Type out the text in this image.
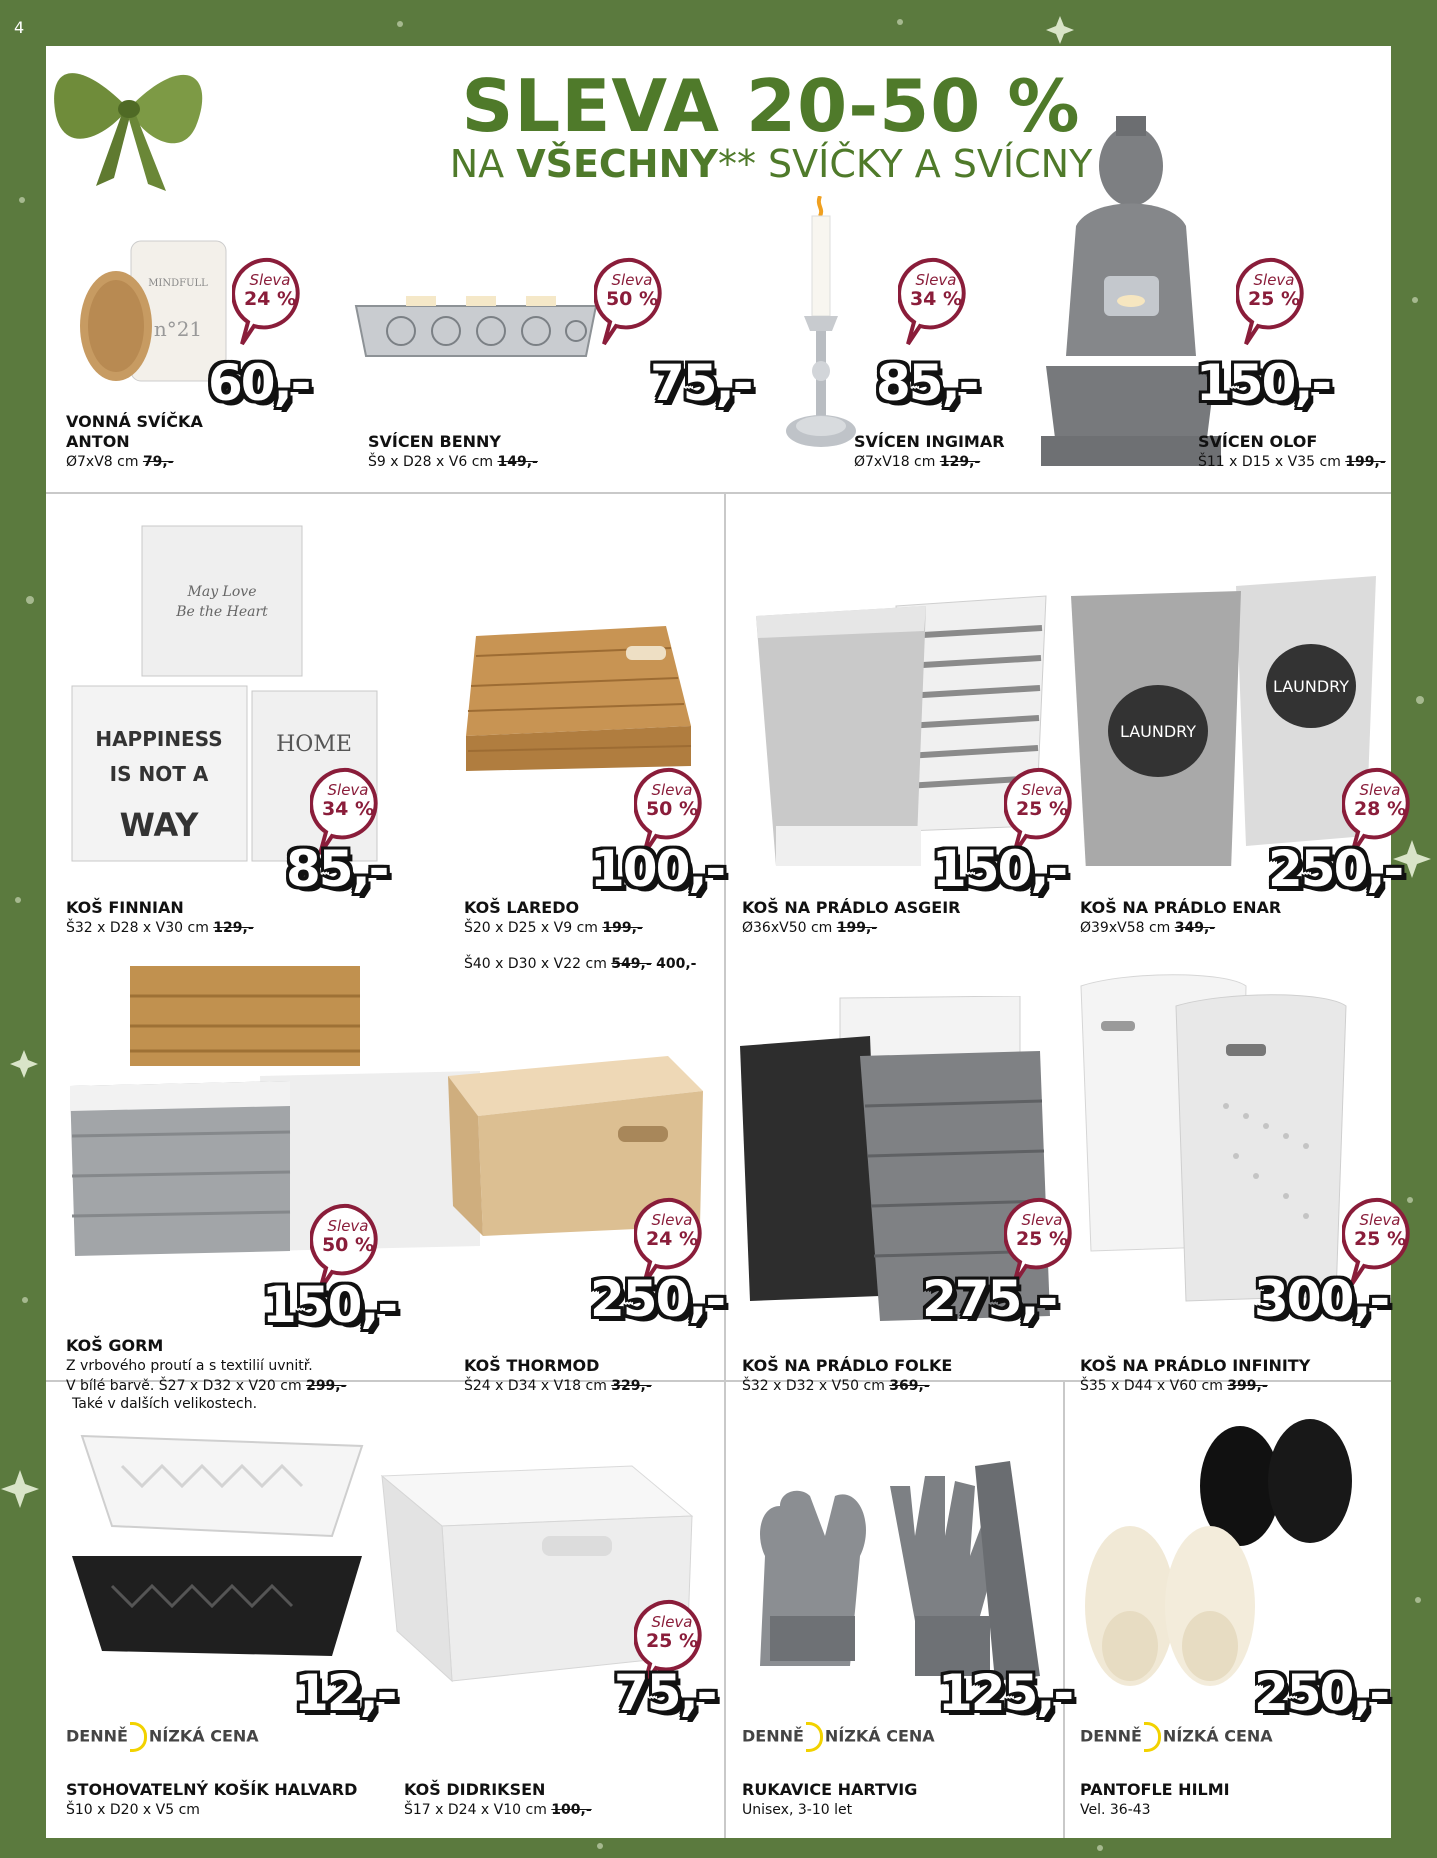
4
SLEVA 20-50 %
NA VŠECHNY** SVÍČKY A SVÍCNY
MINDFULL
n°21
Sleva
24 %
60,-
VONNÁ SVÍČKA
ANTON
Ø7xV8 cm 79,-
Sleva
50 %
75,-
SVÍCEN BENNY
Š9 x D28 x V6 cm 149,-
Sleva
34 %
85,-
SVÍCEN INGIMAR
Ø7xV18 cm 129,-
Sleva
25 %
150,-
SVÍCEN OLOF
Š11 x D15 x V35 cm 199,-
May Love
Be the Heart
HAPPINESS
IS NOT A
WAY
HOME
Sleva
34 %
85,-
KOŠ FINNIAN
Š32 x D28 x V30 cm 129,-
Sleva
50 %
100,-
KOŠ LAREDO
Š20 x D25 x V9 cm 199,-
Š40 x D30 x V22 cm 549,- 400,-
Sleva
25 %
150,-
KOŠ NA PRÁDLO ASGEIR
Ø36xV50 cm 199,-
LAUNDRY
LAUNDRY
Sleva
28 %
250,-
KOŠ NA PRÁDLO ENAR
Ø39xV58 cm 349,-
Sleva
50 %
150,-
KOŠ GORM
Z vrbového proutí a s textilií uvnitř.
V bílé barvě. Š27 x D32 x V20 cm 299,-
Sleva
24 %
250,-
KOŠ THORMOD
Š24 x D34 x V18 cm 329,-
Sleva
25 %
275,-
KOŠ NA PRÁDLO FOLKE
Š32 x D32 x V50 cm 369,-
Sleva
25 %
300,-
KOŠ NA PRÁDLO INFINITY
Š35 x D44 x V60 cm 399,-
Také v dalších velikostech.
12,-
DENNĚ NÍZKÁ CENA
STOHOVATELNÝ KOŠÍK HALVARD
Š10 x D20 x V5 cm
Sleva
25 %
75,-
KOŠ DIDRIKSEN
Š17 x D24 x V10 cm 100,-
125,-
DENNĚ NÍZKÁ CENA
RUKAVICE HARTVIG
Unisex, 3-10 let
250,-
DENNĚ NÍZKÁ CENA
PANTOFLE HILMI
Vel. 36-43
